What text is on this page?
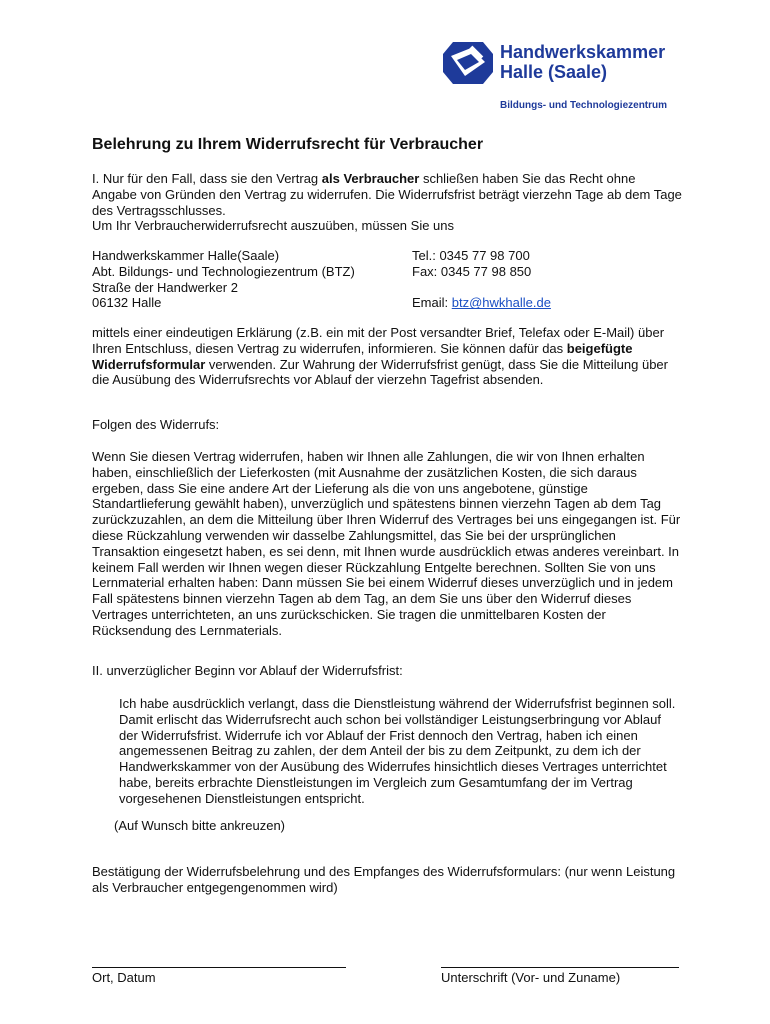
Handwerkskammer
Halle (Saale)
Bildungs- und Technologiezentrum
Belehrung zu Ihrem Widerrufsrecht für Verbraucher

I. Nur für den Fall, dass sie den Vertrag als Verbraucher schließen haben Sie das Recht ohne Angabe von Gründen den Vertrag zu widerrufen. Die Widerrufsfrist beträgt vierzehn Tage ab dem Tage des Vertragsschlusses.

Um Ihr Verbraucherwiderrufsrecht auszuüben, müssen Sie uns

Handwerkskammer Halle(Saale)	Tel.: 0345 77 98 700
Abt. Bildungs- und Technologiezentrum (BTZ)	Fax: 0345 77 98 850
Straße der Handwerker 2
06132 Halle	Email: btz@hwkhalle.de

mittels einer eindeutigen Erklärung (z.B. ein mit der Post versandter Brief, Telefax oder E-Mail) über Ihren Entschluss, diesen Vertrag zu widerrufen, informieren. Sie können dafür das beigefügte Widerrufsformular verwenden. Zur Wahrung der Widerrufsfrist genügt, dass Sie die Mitteilung über die Ausübung des Widerrufsrechts vor Ablauf der vierzehn Tagefrist absenden.

Folgen des Widerrufs:
Wenn Sie diesen Vertrag widerrufen, haben wir Ihnen alle Zahlungen, die wir von Ihnen erhalten haben, einschließlich der Lieferkosten (mit Ausnahme der zusätzlichen Kosten, die sich daraus ergeben, dass Sie eine andere Art der Lieferung als die von uns angebotene, günstige Standartlieferung gewählt haben), unverzüglich und spätestens binnen vierzehn Tagen ab dem Tag zurückzuzahlen, an dem die Mitteilung über Ihren Widerruf des Vertrages bei uns eingegangen ist. Für diese Rückzahlung verwenden wir dasselbe Zahlungsmittel, das Sie bei der ursprünglichen Transaktion eingesetzt haben, es sei denn, mit Ihnen wurde ausdrücklich etwas anderes vereinbart. In keinem Fall werden wir Ihnen wegen dieser Rückzahlung Entgelte berechnen. Sollten Sie von uns Lernmaterial erhalten haben: Dann müssen Sie bei einem Widerruf dieses unverzüglich und in jedem Fall spätestens binnen vierzehn Tagen ab dem Tag, an dem Sie uns über den Widerruf dieses Vertrages unterrichteten, an uns zurückschicken. Sie tragen die unmittelbaren Kosten der Rücksendung des Lernmaterials.
II. unverzüglicher Beginn vor Ablauf der Widerrufsfrist:
Ich habe ausdrücklich verlangt, dass die Dienstleistung während der Widerrufsfrist beginnen soll. Damit erlischt das Widerrufsrecht auch schon bei vollständiger Leistungserbringung vor Ablauf der Widerrufsfrist. Widerrufe ich vor Ablauf der Frist dennoch den Vertrag, haben ich einen angemessenen Beitrag zu zahlen, der dem Anteil der bis zu dem Zeitpunkt, zu dem ich der Handwerkskammer von der Ausübung des Widerrufes hinsichtlich dieses Vertrages unterrichtet habe, bereits erbrachte Dienstleistungen im Vergleich zum Gesamtumfang der im Vertrag vorgesehenen Dienstleistungen entspricht.
(Auf Wunsch bitte ankreuzen)
Bestätigung der Widerrufsbelehrung und des Empfanges des Widerrufsformulars: (nur wenn Leistung als Verbraucher entgegengenommen wird)
Ort, Datum	Unterschrift (Vor- und Zuname)
